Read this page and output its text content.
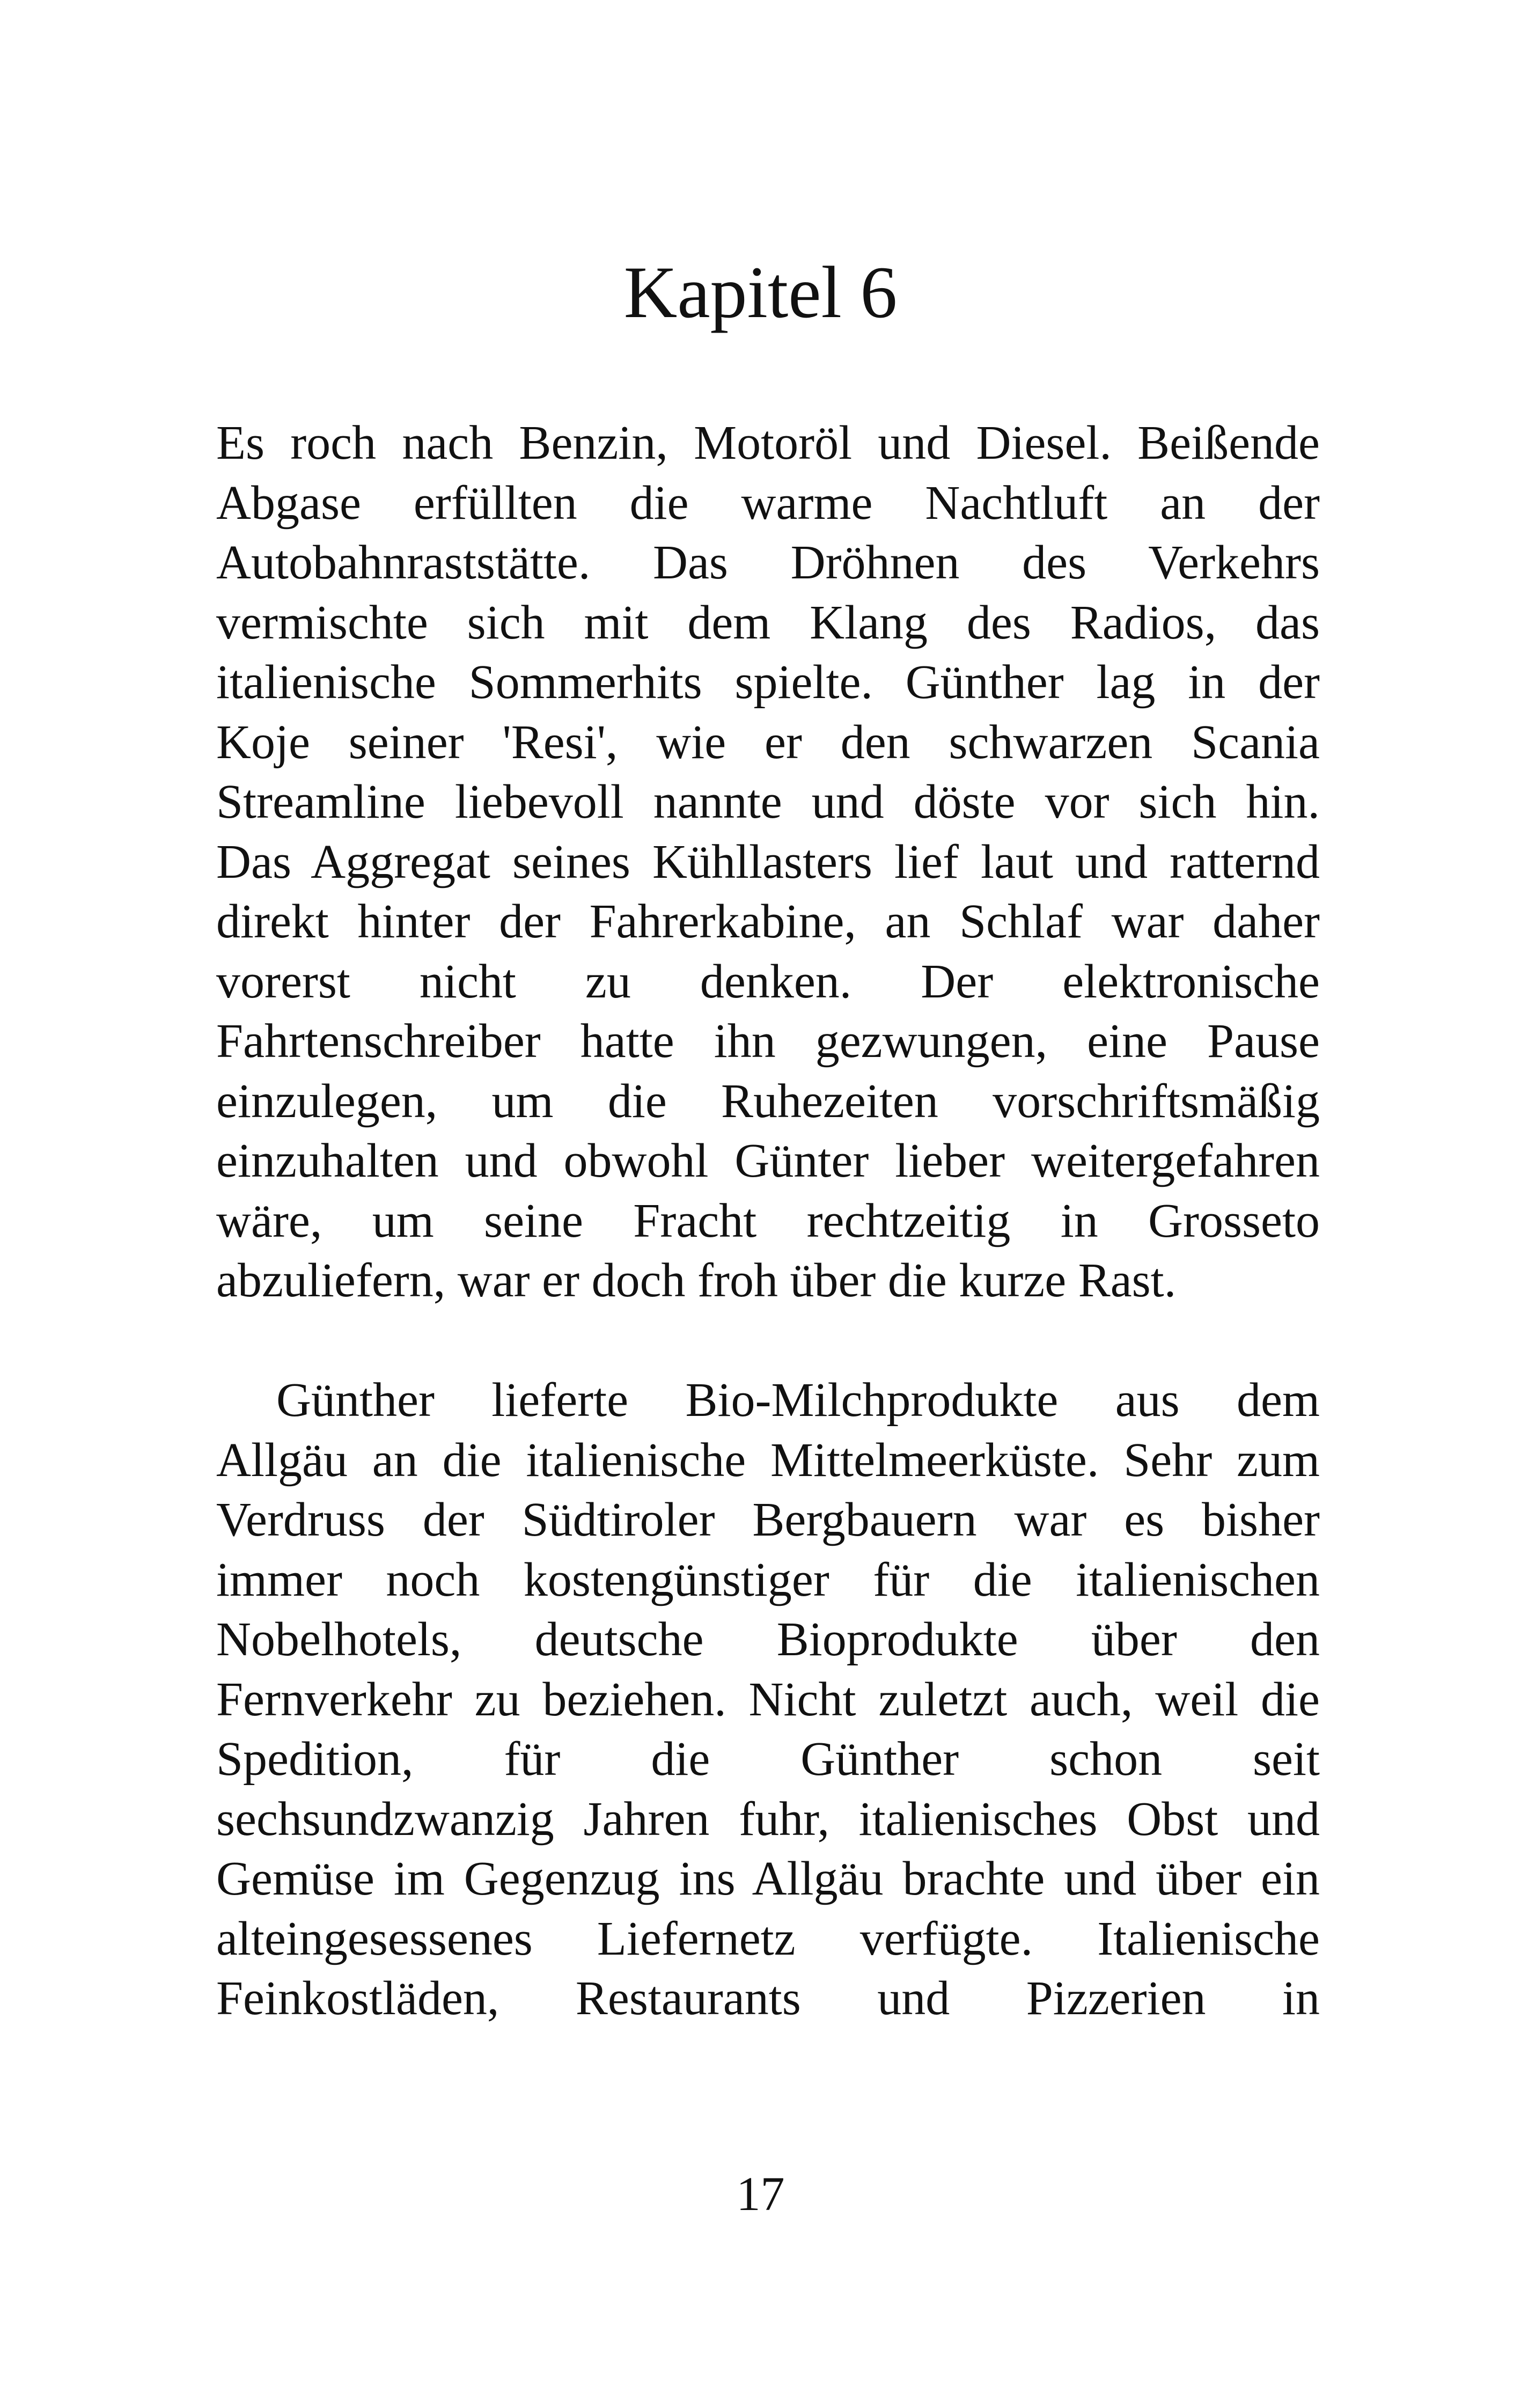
Kapitel 6
Es roch nach Benzin, Motoröl und Diesel. Beißende
Abgase erfüllten die warme Nachtluft an der
Autobahnraststätte. Das Dröhnen des Verkehrs
vermischte sich mit dem Klang des Radios, das
italienische Sommerhits spielte. Günther lag in der
Koje seiner 'Resi', wie er den schwarzen Scania
Streamline liebevoll nannte und döste vor sich hin.
Das Aggregat seines Kühllasters lief laut und ratternd
direkt hinter der Fahrerkabine, an Schlaf war daher
vorerst nicht zu denken. Der elektronische
Fahrtenschreiber hatte ihn gezwungen, eine Pause
einzulegen, um die Ruhezeiten vorschriftsmäßig
einzuhalten und obwohl Günter lieber weitergefahren
wäre, um seine Fracht rechtzeitig in Grosseto
abzuliefern, war er doch froh über die kurze Rast.
Günther lieferte Bio-Milchprodukte aus dem
Allgäu an die italienische Mittelmeerküste. Sehr zum
Verdruss der Südtiroler Bergbauern war es bisher
immer noch kostengünstiger für die italienischen
Nobelhotels, deutsche Bioprodukte über den
Fernverkehr zu beziehen. Nicht zuletzt auch, weil die
Spedition, für die Günther schon seit
sechsundzwanzig Jahren fuhr, italienisches Obst und
Gemüse im Gegenzug ins Allgäu brachte und über ein
alteingesessenes Liefernetz verfügte. Italienische
Feinkostläden, Restaurants und Pizzerien in
17
